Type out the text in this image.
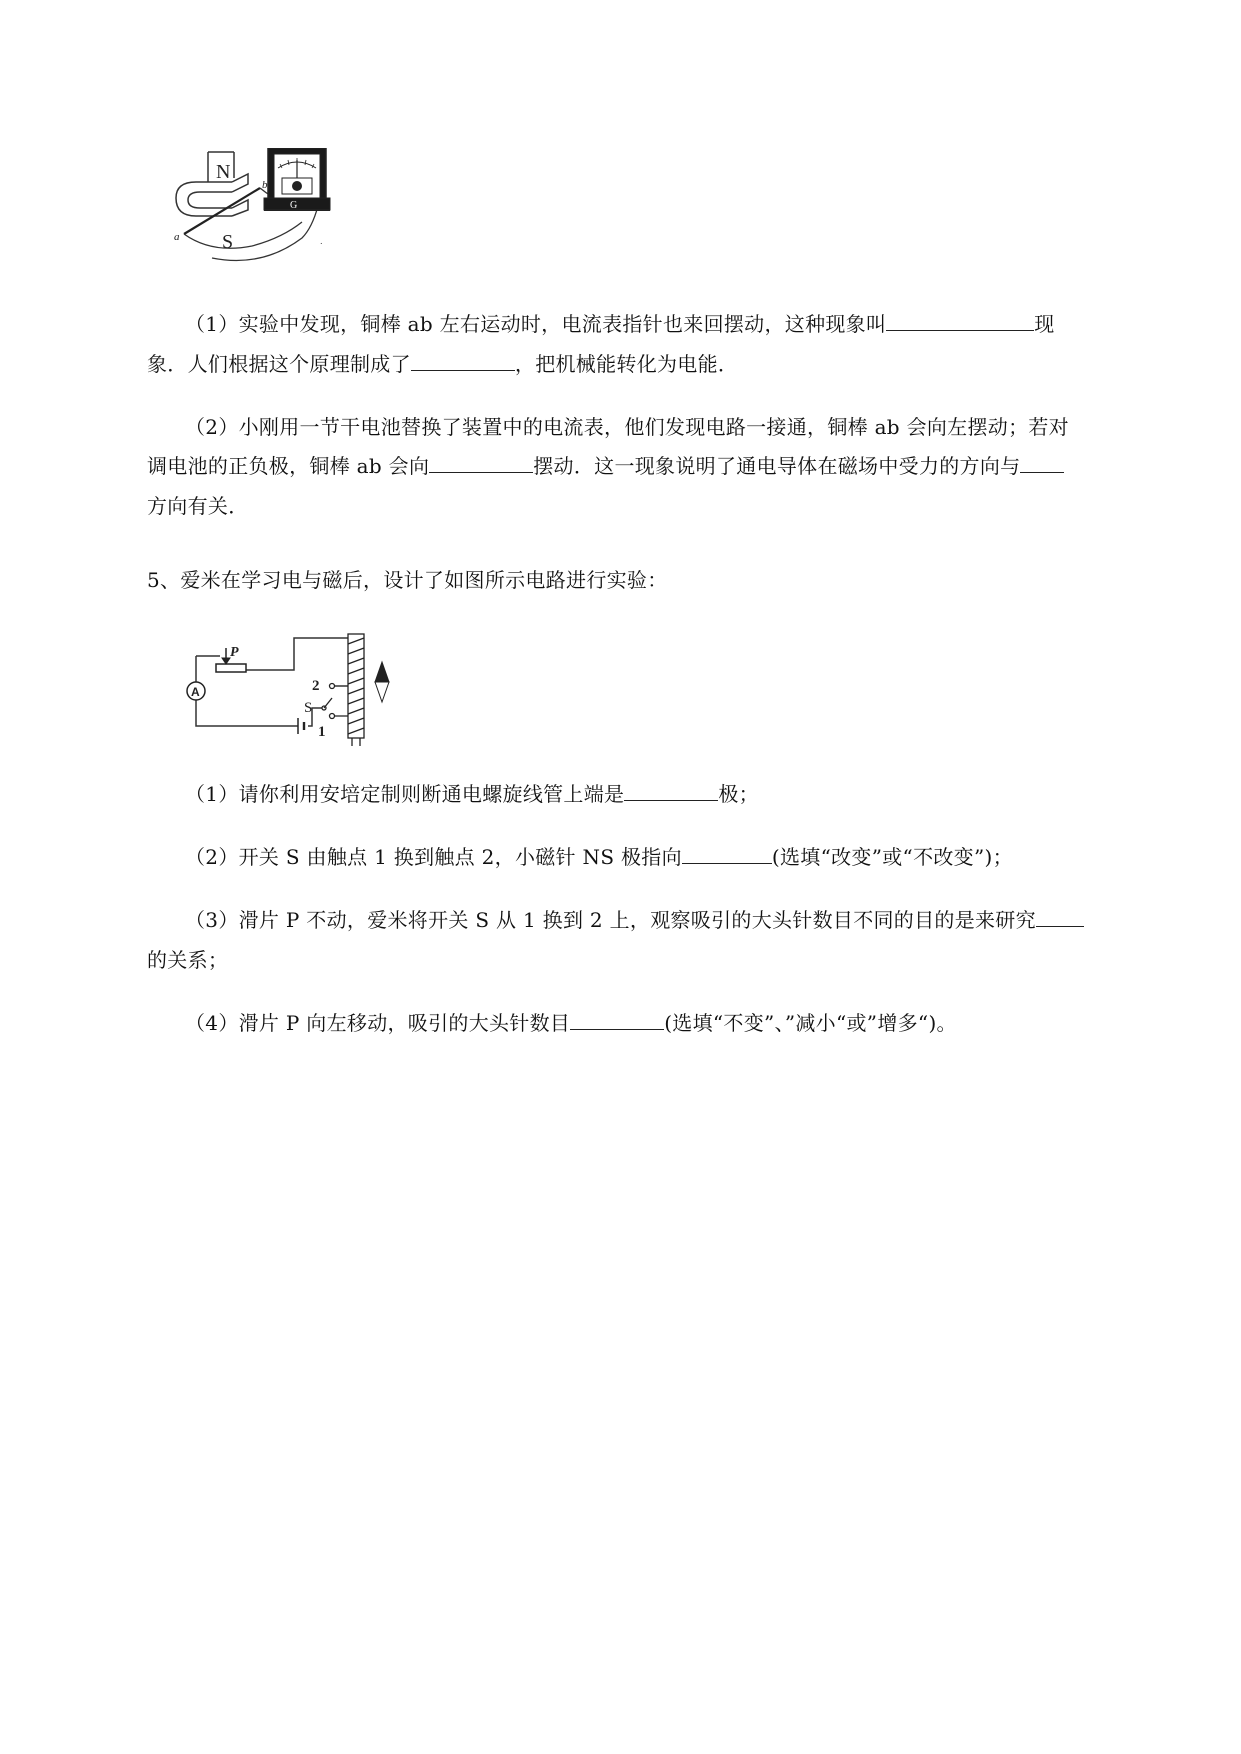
N
S
a
b
G
.
（1）实验中发现，铜棒 ab 左右运动时，电流表指针也来回摆动，这种现象叫	现
象．人们根据这个原理制成了	，把机械能转化为电能．
（2）小刚用一节干电池替换了装置中的电流表，他们发现电路一接通，铜棒 ab 会向左摆动；若对
调电池的正负极，铜棒 ab 会向	摆动．这一现象说明了通电导体在磁场中受力的方向与
方向有关．
5、爱米在学习电与磁后，设计了如图所示电路进行实验：
P
A	2
S
1
（1）请你利用安培定制则断通电螺旋线管上端是	极；
（2）开关 S 由触点 1 换到触点 2，小磁针 NS 极指向	(选填“改变”或“不改变”)；
（3）滑片 P 不动，爱米将开关 S 从 1 换到 2 上，观察吸引的大头针数目不同的目的是来研究
的关系；
（4）滑片 P 向左移动，吸引的大头针数目	(选填“不变”、”减小“或”增多“)。
